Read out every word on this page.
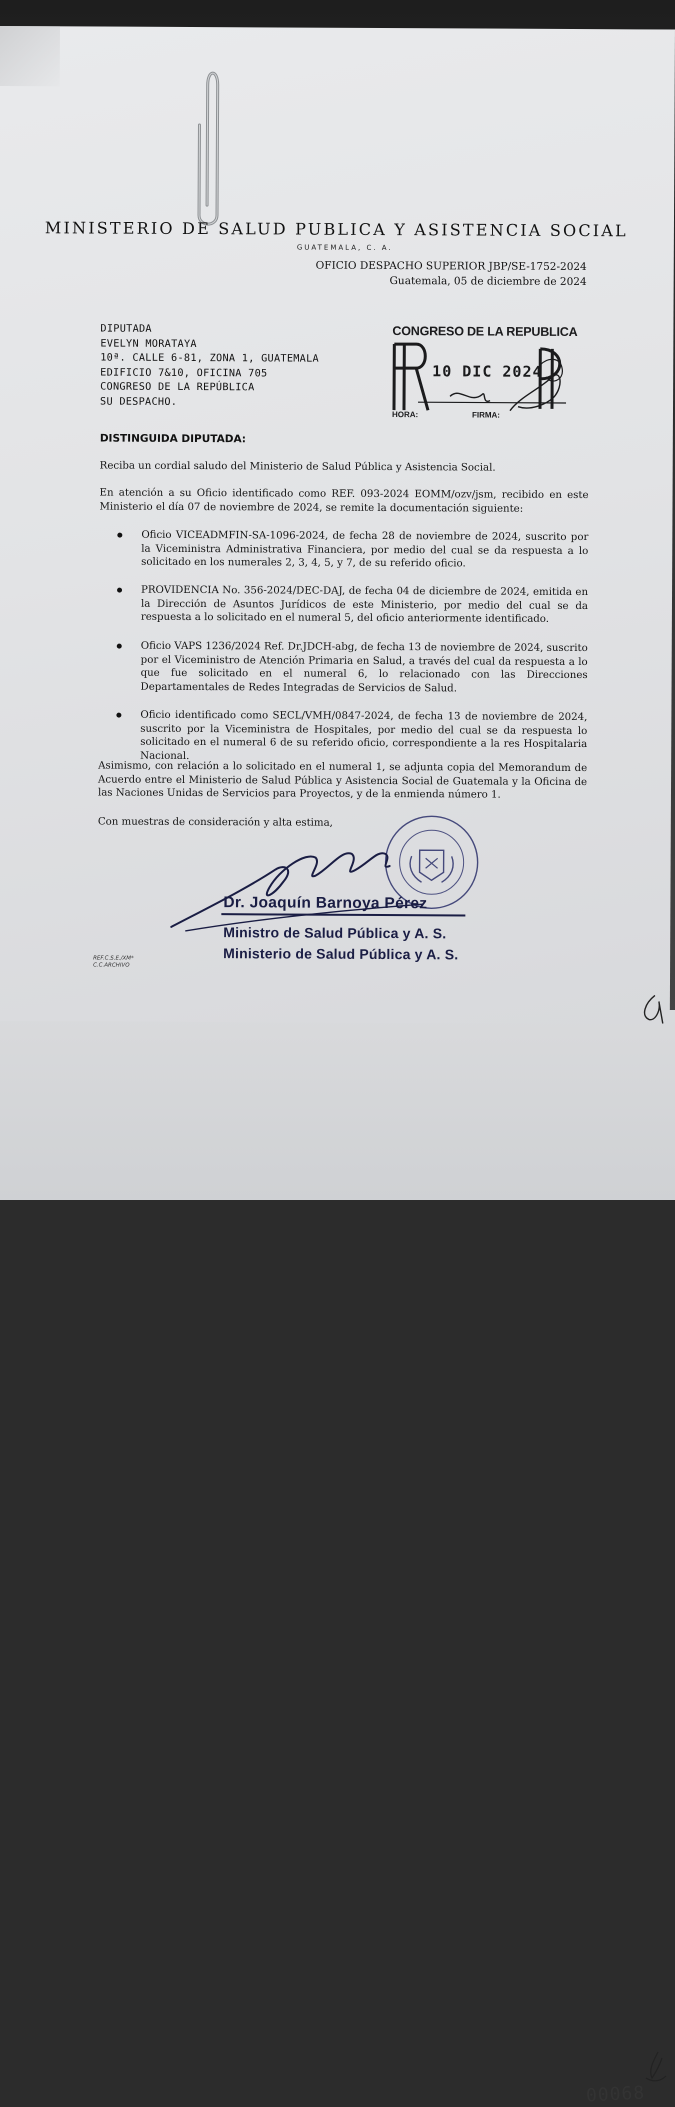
00068
MINISTERIO DE SALUD PUBLICA Y ASISTENCIA SOCIAL
GUATEMALA, C. A.
OFICIO DESPACHO SUPERIOR JBP/SE-1752-2024
Guatemala, 05 de diciembre de 2024
DIPUTADA
EVELYN MORATAYA
10ª. CALLE 6-81, ZONA 1, GUATEMALA
EDIFICIO 7&10, OFICINA 705
CONGRESO DE LA REPÚBLICA
SU DESPACHO.
CONGRESO DE LA REPUBLICA
10 DIC 2024
HORA:	FIRMA:
DISTINGUIDA DIPUTADA:
Reciba un cordial saludo del Ministerio de Salud Pública y Asistencia Social.
En atención a su Oficio identificado como REF. 093-2024 EOMM/ozv/jsm, recibido en este Ministerio el día 07 de noviembre de 2024, se remite la documentación siguiente:
Oficio VICEADMFIN-SA-1096-2024, de fecha 28 de noviembre de 2024, suscrito por la Viceministra Administrativa Financiera, por medio del cual se da respuesta a lo solicitado en los numerales 2, 3, 4, 5, y 7, de su referido oficio.
PROVIDENCIA No. 356-2024/DEC-DAJ, de fecha 04 de diciembre de 2024, emitida en la Dirección de Asuntos Jurídicos de este Ministerio, por medio del cual se da respuesta a lo solicitado en el numeral 5, del oficio anteriormente identificado.
Oficio VAPS 1236/2024 Ref. Dr.JDCH-abg, de fecha 13 de noviembre de 2024, suscrito por el Viceministro de Atención Primaria en Salud, a través del cual da respuesta a lo que fue solicitado en el numeral 6, lo relacionado con las Direcciones Departamentales de Redes Integradas de Servicios de Salud.
Oficio identificado como SECL/VMH/0847-2024, de fecha 13 de noviembre de 2024, suscrito por la Viceministra de Hospitales, por medio del cual se da respuesta lo solicitado en el numeral 6 de su referido oficio, correspondiente a la res Hospitalaria Nacional.
Asimismo, con relación a lo solicitado en el numeral 1, se adjunta copia del Memorandum de Acuerdo entre el Ministerio de Salud Pública y Asistencia Social de Guatemala y la Oficina de las Naciones Unidas de Servicios para Proyectos, y de la enmienda número 1.
Con muestras de consideración y alta estima,
Dr. Joaquín Barnoya Pérez
Ministro de Salud Pública y A. S.
Ministerio de Salud Pública y A. S.
REF.C.S.E./XM*
C.C.ARCHIVO
